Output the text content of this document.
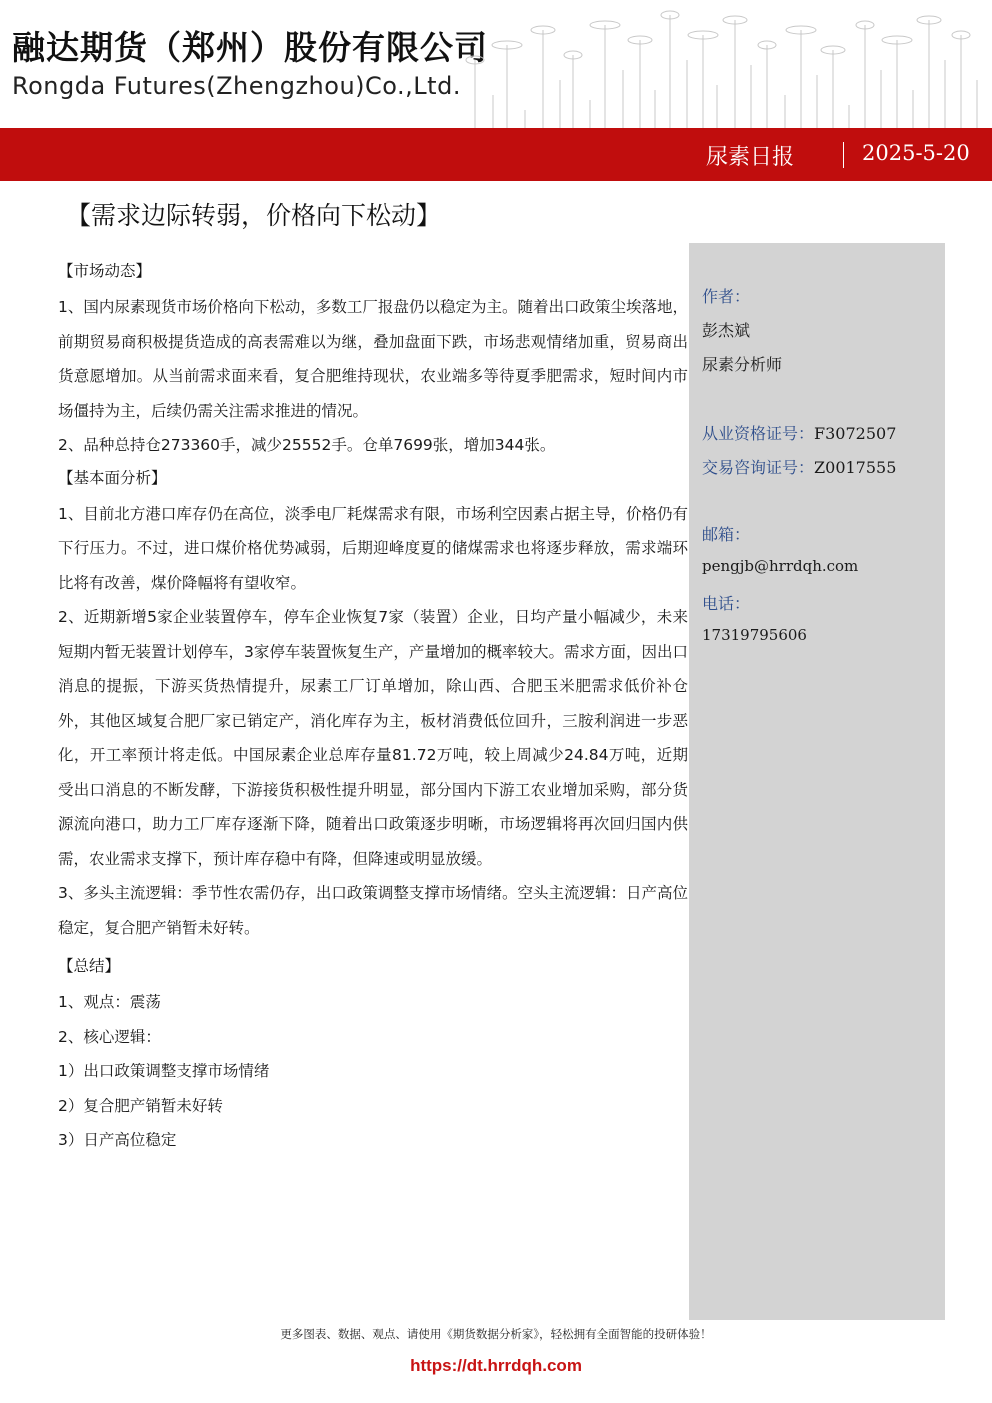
融达期货（郑州）股份有限公司
Rongda Futures(Zhengzhou)Co.,Ltd.
尿素日报	2025-5-20
【需求边际转弱，价格向下松动】
作者：
彭杰斌
尿素分析师
从业资格证号：F3072507
交易咨询证号：Z0017555
邮箱：
pengjb@hrrdqh.com
电话：
17319795606
【市场动态】

1、国内尿素现货市场价格向下松动，多数工厂报盘仍以稳定为主。随着出口政策尘埃落地，前期贸易商积极提货造成的高表需难以为继，叠加盘面下跌，市场悲观情绪加重，贸易商出货意愿增加。从当前需求面来看，复合肥维持现状，农业端多等待夏季肥需求，短时间内市场僵持为主，后续仍需关注需求推进的情况。

2、品种总持仓273360手，减少25552手。仓单7699张，增加344张。

【基本面分析】

1、目前北方港口库存仍在高位，淡季电厂耗煤需求有限，市场利空因素占据主导，价格仍有下行压力。不过，进口煤价格优势减弱，后期迎峰度夏的储煤需求也将逐步释放，需求端环比将有改善，煤价降幅将有望收窄。

2、近期新增5家企业装置停车，停车企业恢复7家（装置）企业，日均产量小幅减少，未来短期内暂无装置计划停车，3家停车装置恢复生产，产量增加的概率较大。需求方面，因出口消息的提振，下游买货热情提升，尿素工厂订单增加，除山西、合肥玉米肥需求低价补仓外，其他区域复合肥厂家已销定产，消化库存为主，板材消费低位回升，三胺利润进一步恶化，开工率预计将走低。中国尿素企业总库存量81.72万吨，较上周减少24.84万吨，近期受出口消息的不断发酵，下游接货积极性提升明显，部分国内下游工农业增加采购，部分货源流向港口，助力工厂库存逐渐下降，随着出口政策逐步明晰，市场逻辑将再次回归国内供需，农业需求支撑下，预计库存稳中有降，但降速或明显放缓。

3、多头主流逻辑：季节性农需仍存，出口政策调整支撑市场情绪。空头主流逻辑：日产高位稳定，复合肥产销暂未好转。

【总结】

1、观点：震荡

2、核心逻辑：

1）出口政策调整支撑市场情绪

2）复合肥产销暂未好转

3）日产高位稳定

更多图表、数据、观点、请使用《期货数据分析家》，轻松拥有全面智能的投研体验！
https://dt.hrrdqh.com
